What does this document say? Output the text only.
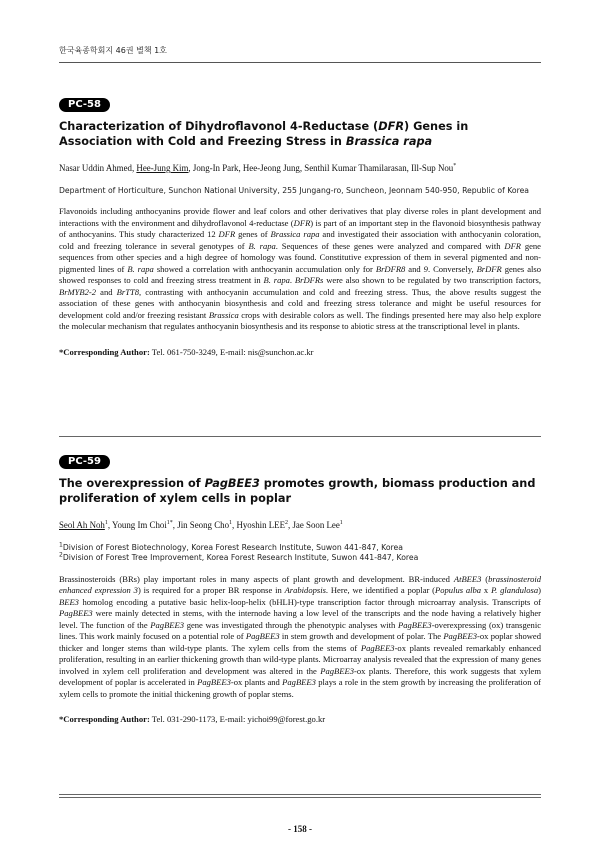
한국육종학회지 46권 별책 1호
PC-58
Characterization of Dihydroflavonol 4-Reductase (DFR) Genes in Association with Cold and Freezing Stress in Brassica rapa
Nasar Uddin Ahmed, Hee-Jung Kim, Jong-In Park, Hee-Jeong Jung, Senthil Kumar Thamilarasan, Ill-Sup Nou*
Department of Horticulture, Sunchon National University, 255 Jungang-ro, Suncheon, Jeonnam 540-950, Republic of Korea

Flavonoids including anthocyanins provide flower and leaf colors and other derivatives that play diverse roles in plant development and interactions with the environment and dihydroflavonol 4-reductase (DFR) is part of an important step in the flavonoid biosynthesis pathway of anthocyanins. This study characterized 12 DFR genes of Brassica rapa and investigated their association with anthocyanin coloration, cold and freezing tolerance in several genotypes of B. rapa. Sequences of these genes were analyzed and compared with DFR gene sequences from other species and a high degree of homology was found. Constitutive expression of them in several pigmented and non-pigmented lines of B. rapa showed a correlation with anthocyanin accumulation only for BrDFR8 and 9. Conversely, BrDFR genes also showed responses to cold and freezing stress treatment in B. rapa. BrDFRs were also shown to be regulated by two transcription factors, BrMYB2-2 and BrTT8, contrasting with anthocyanin accumulation and cold and freezing stress. Thus, the above results suggest the association of these genes with anthocyanin biosynthesis and cold and freezing stress tolerance and might be useful resources for development cold and/or freezing resistant Brassica crops with desirable colors as well. The findings presented here may also help explore the molecular mechanism that regulates anthocyanin biosynthesis and its response to abiotic stress at the transcriptional level in plants.

*Corresponding Author: Tel. 061-750-3249, E-mail: nis@sunchon.ac.kr
PC-59
The overexpression of PagBEE3 promotes growth, biomass production and proliferation of xylem cells in poplar
Seol Ah Noh$^1$, Young Im Choi$^{1*}$, Jin Seong Cho$^1$, Hyoshin LEE$^2$, Jae Soon Lee$^1$
$^1$Division of Forest Biotechnology, Korea Forest Research Institute, Suwon 441-847, Korea
$^2$Division of Forest Tree Improvement, Korea Forest Research Institute, Suwon 441-847, Korea

Brassinosteroids (BRs) play important roles in many aspects of plant growth and development. BR-induced AtBEE3 (brassinosteroid enhanced expression 3) is required for a proper BR response in Arabidopsis. Here, we identified a poplar (Populus alba x P. glandulosa) BEE3 homolog encoding a putative basic helix-loop-helix (bHLH)-type transcription factor through microarray analysis. Transcripts of PagBEE3 were mainly detected in stems, with the internode having a low level of the transcripts and the node having a relatively higher level. The function of the PagBEE3 gene was investigated through the phenotypic analyses with PagBEE3-overexpressing (ox) transgenic lines. This work mainly focused on a potential role of PagBEE3 in stem growth and development of polar. The PagBEE3-ox poplar showed thicker and longer stems than wild-type plants. The xylem cells from the stems of PagBEE3-ox plants revealed remarkably enhanced proliferation, resulting in an earlier thickening growth than wild-type plants. Microarray analysis revealed that the expression of many genes involved in xylem cell proliferation and development was altered in the PagBEE3-ox plants. Therefore, this work suggests that xylem development of poplar is accelerated in PagBEE3-ox plants and PagBEE3 plays a role in the stem growth by increasing the proliferation of xylem cells to promote the initial thickening growth of poplar stems.

*Corresponding Author: Tel. 031-290-1173, E-mail: yichoi99@forest.go.kr
- 158 -
